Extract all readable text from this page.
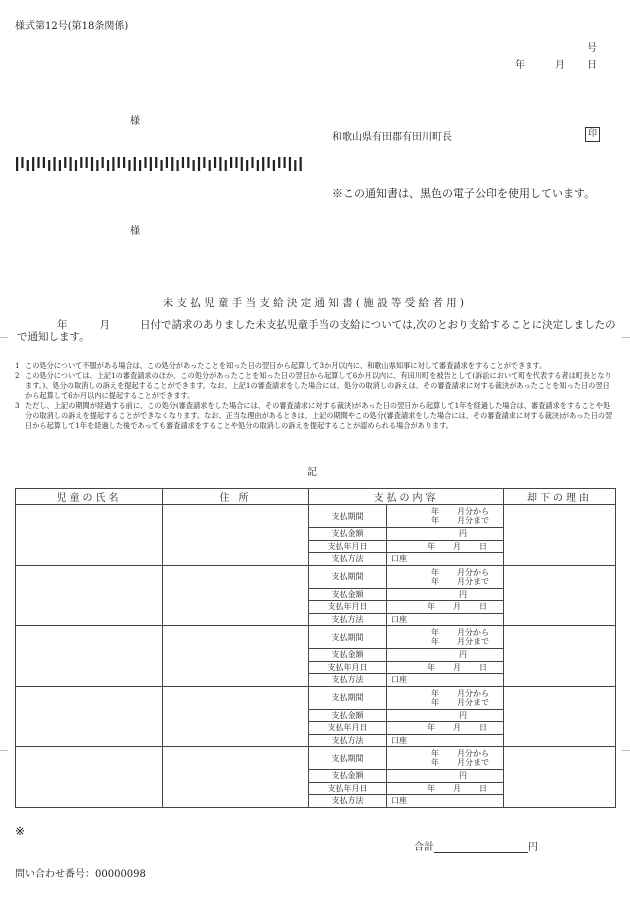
様式第12号(第18条関係)
号
年	月 日
様
和歌山県有田郡有田川町長	印
※この通知書は、黒色の電子公印を使用しています。
様
未支払児童手当支給決定通知書(施設等受給者用)
年	月	日付で請求のありました未支払児童手当の支給については,次のとおり支給することに決定しましたので通知します。
1 この処分について不服がある場合は、この処分があったことを知った日の翌日から起算して3か月以内に、和歌山県知事に対して審査請求をすることができます。
2 この処分については、上記1の審査請求のほか、この処分があったことを知った日の翌日から起算して6か月以内に、有田川町を被告として(訴訟において町を代表する者は町長となります。)、処分の取消しの訴えを提起することができます。なお、上記1の審査請求をした場合には、処分の取消しの訴えは、その審査請求に対する裁決があったことを知った日の翌日から起算して6か月以内に提起することができます。
3 ただし、上記の期間が経過する前に、この処分(審査請求をした場合には、その審査請求に対する裁決)があった日の翌日から起算して1年を経過した場合は、審査請求をすることや処分の取消しの訴えを提起することができなくなります。なお、正当な理由があるときは、上記の期間やこの処分(審査請求をした場合には、その審査請求に対する裁決)があった日の翌日から起算して1年を経過した後であっても審査請求をすることや処分の取消しの訴えを提起することが認められる場合があります。
記
児童の氏名	住 所	支払の内容		却下の理由
		支払期間	年 月分から
年 月分まで	

		支払金額	円	
		支払年月日	年 月 日	
		支払方法	口座	
		支払期間	年 月分から
年 月分まで	

		支払金額	円	
		支払年月日	年 月 日	
		支払方法	口座	
		支払期間	年 月分から
年 月分まで	

		支払金額	円	
		支払年月日	年 月 日	
		支払方法	口座	
		支払期間	年 月分から
年 月分まで	

		支払金額	円	
		支払年月日	年 月 日	
		支払方法	口座	
		支払期間	年 月分から
年 月分まで	

		支払金額	円	
		支払年月日	年 月 日	
		支払方法	口座	
※
合計	円
問い合わせ番号：00000098
